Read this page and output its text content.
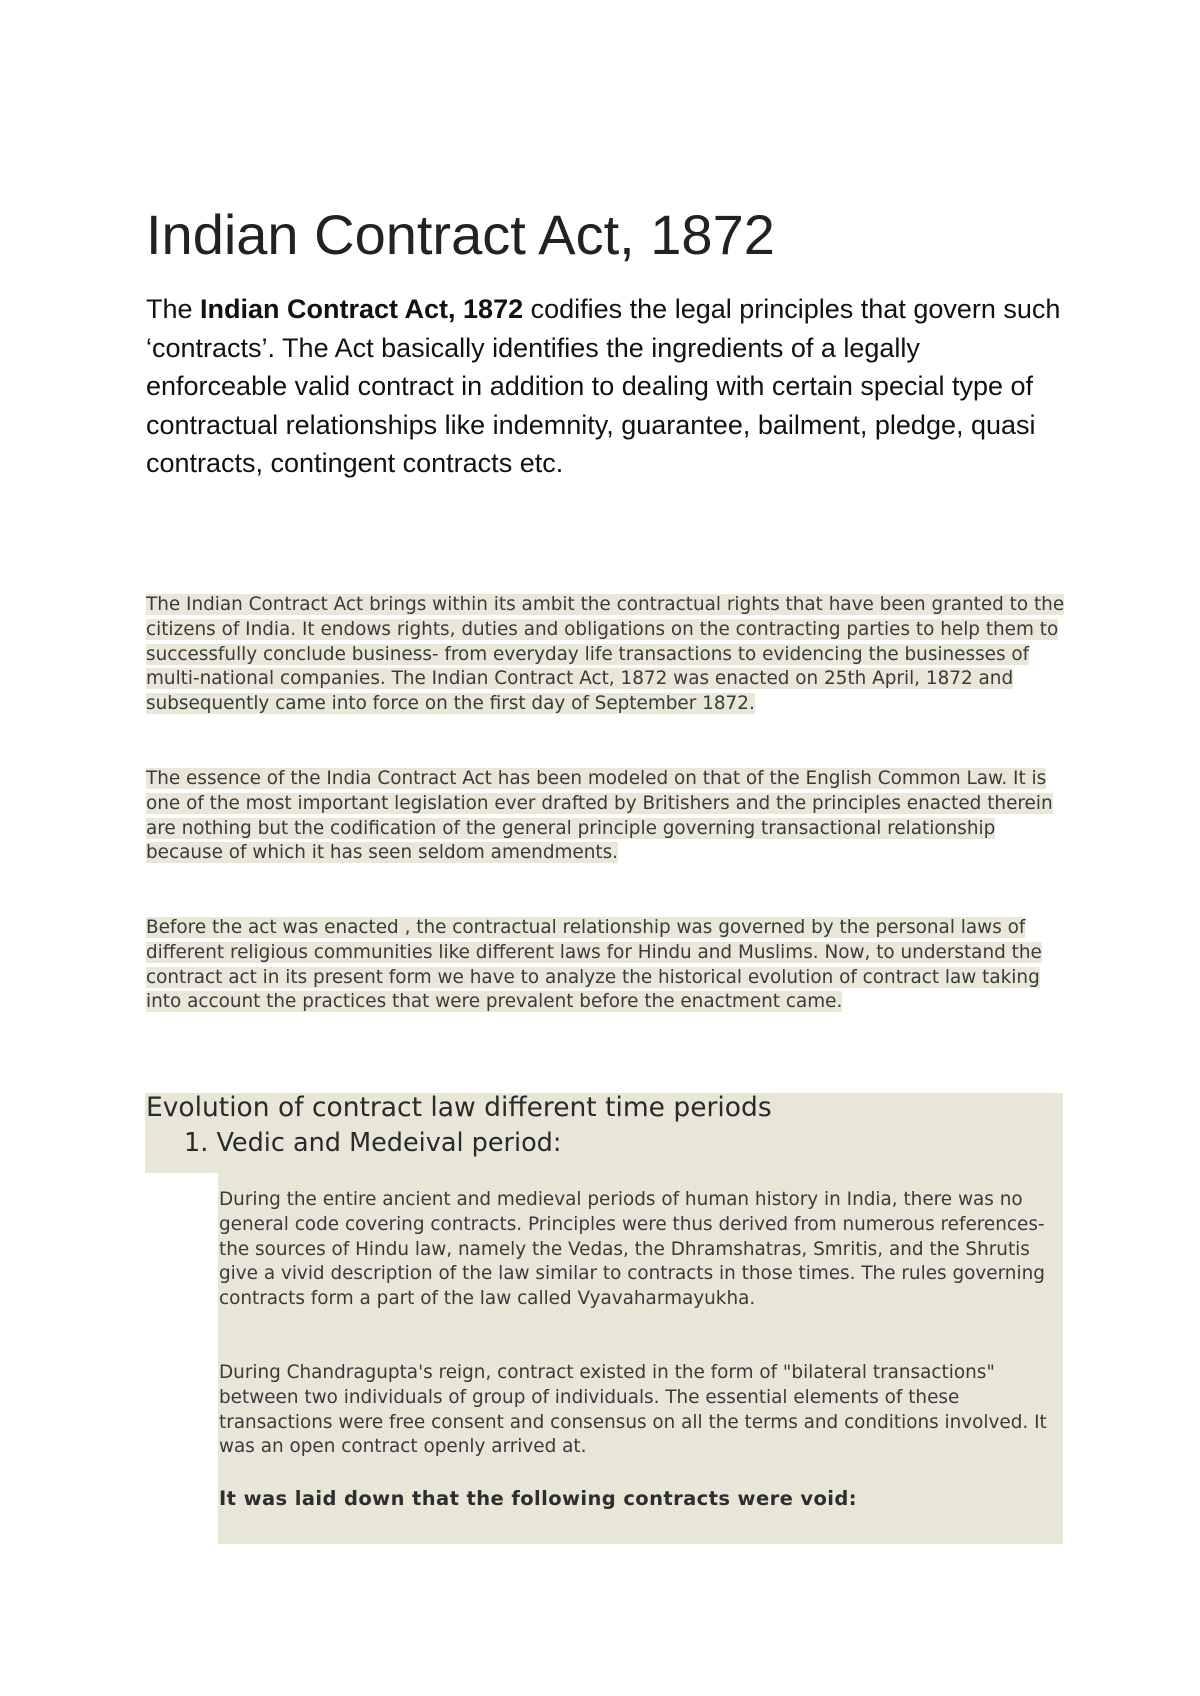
Indian Contract Act, 1872

The Indian Contract Act, 1872 codifies the legal principles that govern such ‘contracts’. The Act basically identifies the ingredients of a legally enforceable valid contract in addition to dealing with certain special type of contractual relationships like indemnity, guarantee, bailment, pledge, quasi contracts, contingent contracts etc.

The Indian Contract Act brings within its ambit the contractual rights that have been granted to the citizens of India. It endows rights, duties and obligations on the contracting parties to help them to successfully conclude business- from everyday life transactions to evidencing the businesses of multi-national companies. The Indian Contract Act, 1872 was enacted on 25th April, 1872 and subsequently came into force on the first day of September 1872.

The essence of the India Contract Act has been modeled on that of the English Common Law. It is one of the most important legislation ever drafted by Britishers and the principles enacted therein are nothing but the codification of the general principle governing transactional relationship because of which it has seen seldom amendments.

Before the act was enacted , the contractual relationship was governed by the personal laws of different religious communities like different laws for Hindu and Muslims. Now, to understand the contract act in its present form we have to analyze the historical evolution of contract law taking into account the practices that were prevalent before the enactment came.

Evolution of contract law different time periods
1. Vedic and Medeival period:

During the entire ancient and medieval periods of human history in India, there was no general code covering contracts. Principles were thus derived from numerous references- the sources of Hindu law, namely the Vedas, the Dhramshatras, Smritis, and the Shrutis give a vivid description of the law similar to contracts in those times. The rules governing contracts form a part of the law called Vyavaharmayukha.

During Chandragupta's reign, contract existed in the form of "bilateral transactions" between two individuals of group of individuals. The essential elements of these transactions were free consent and consensus on all the terms and conditions involved. It was an open contract openly arrived at.

It was laid down that the following contracts were void:
